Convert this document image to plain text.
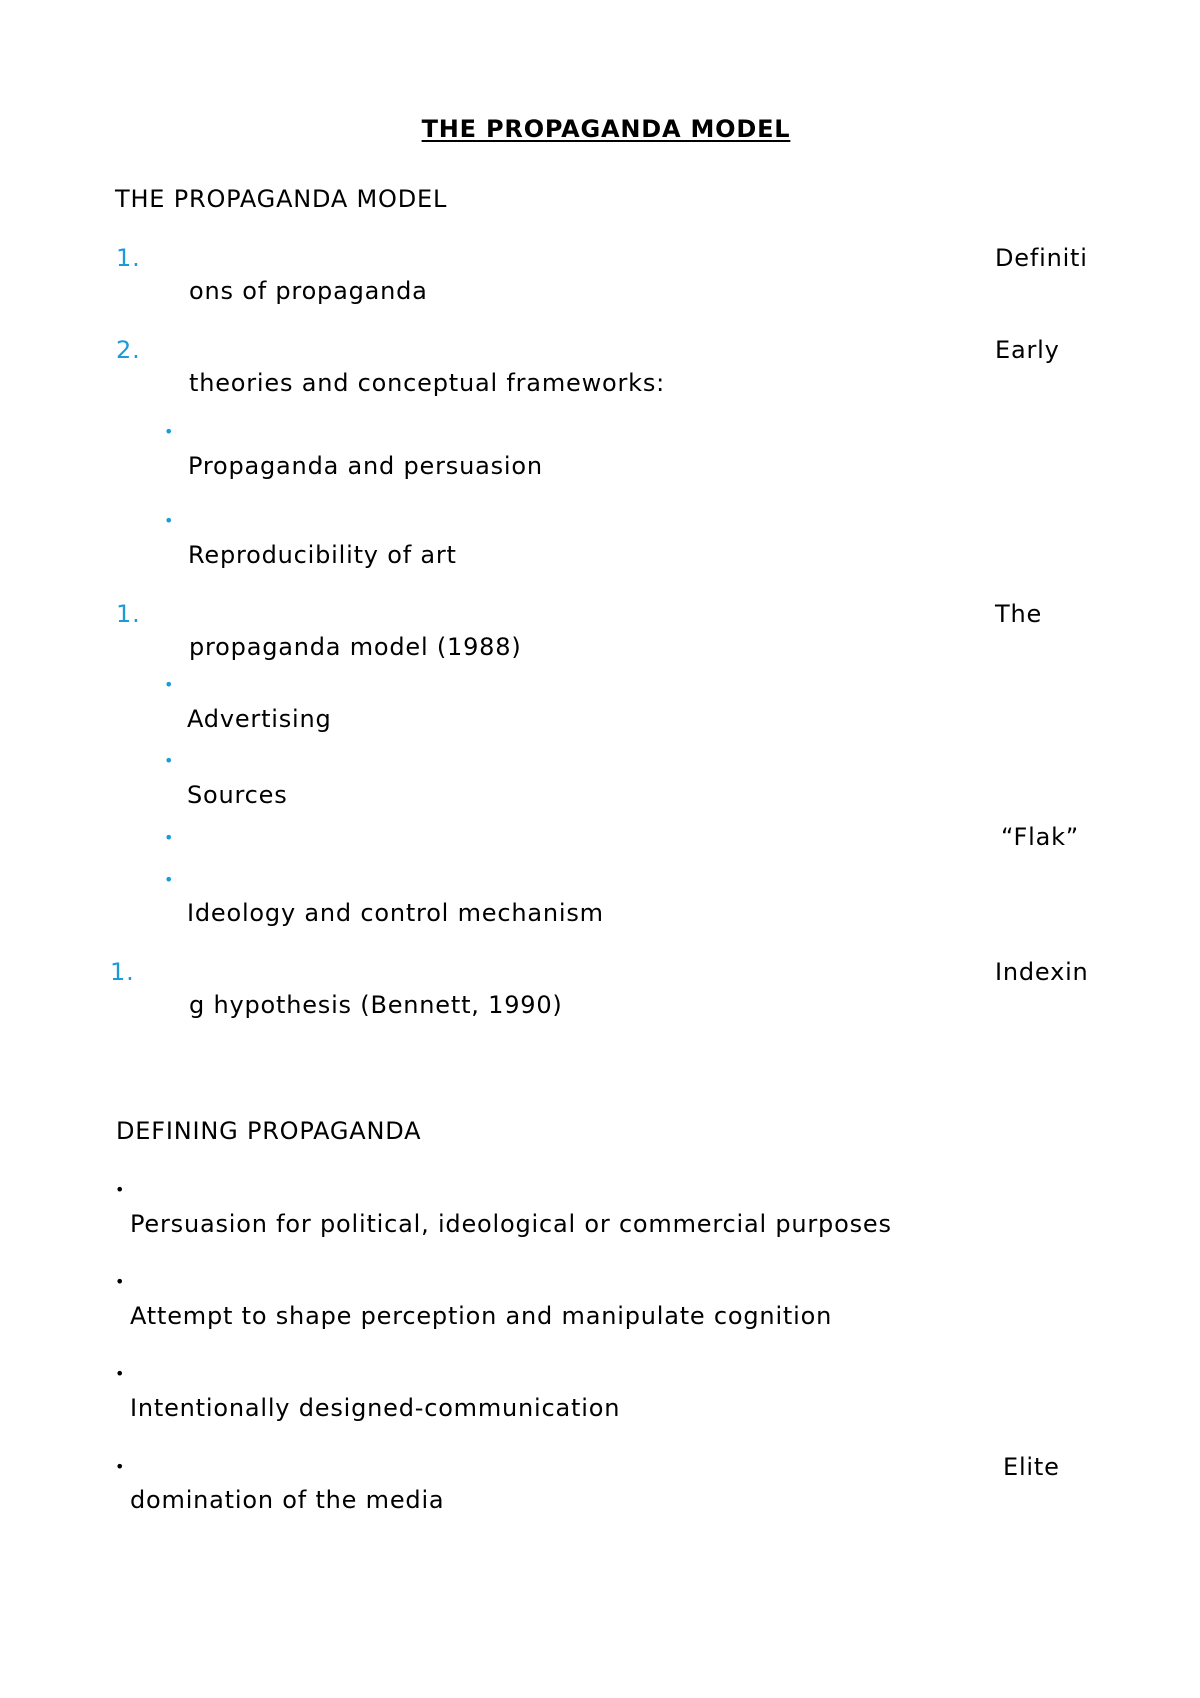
THE PROPAGANDA MODEL
THE PROPAGANDA MODEL
1.	Definiti
ons of propaganda
2.	Early
theories and conceptual frameworks:
•
Propaganda and persuasion
•
Reproducibility of art
1.	The
propaganda model (1988)
•
Advertising
•
Sources
•	“Flak”
•
Ideology and control mechanism
1.	Indexin
g hypothesis (Bennett, 1990)
DEFINING PROPAGANDA
•
Persuasion for political, ideological or commercial purposes
•
Attempt to shape perception and manipulate cognition
•
Intentionally designed-communication
•	Elite
domination of the media
